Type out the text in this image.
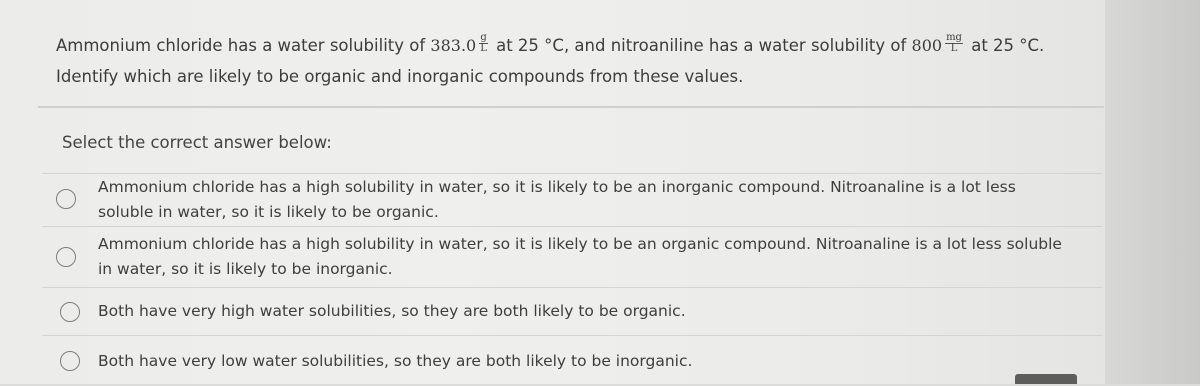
Ammonium chloride has a water solubility of $383.0 \frac{g}{L}$ at 25 °C, and nitroaniline has a water solubility of $800 \frac{mg}{L}$ at 25 °C.
Identify which are likely to be organic and inorganic compounds from these values.
Select the correct answer below:
Ammonium chloride has a high solubility in water, so it is likely to be an inorganic compound. Nitroanaline is a lot less soluble in water, so it is likely to be organic.
Ammonium chloride has a high solubility in water, so it is likely to be an organic compound. Nitroanaline is a lot less soluble in water, so it is likely to be inorganic.
Both have very high water solubilities, so they are both likely to be organic.
Both have very low water solubilities, so they are both likely to be inorganic.
